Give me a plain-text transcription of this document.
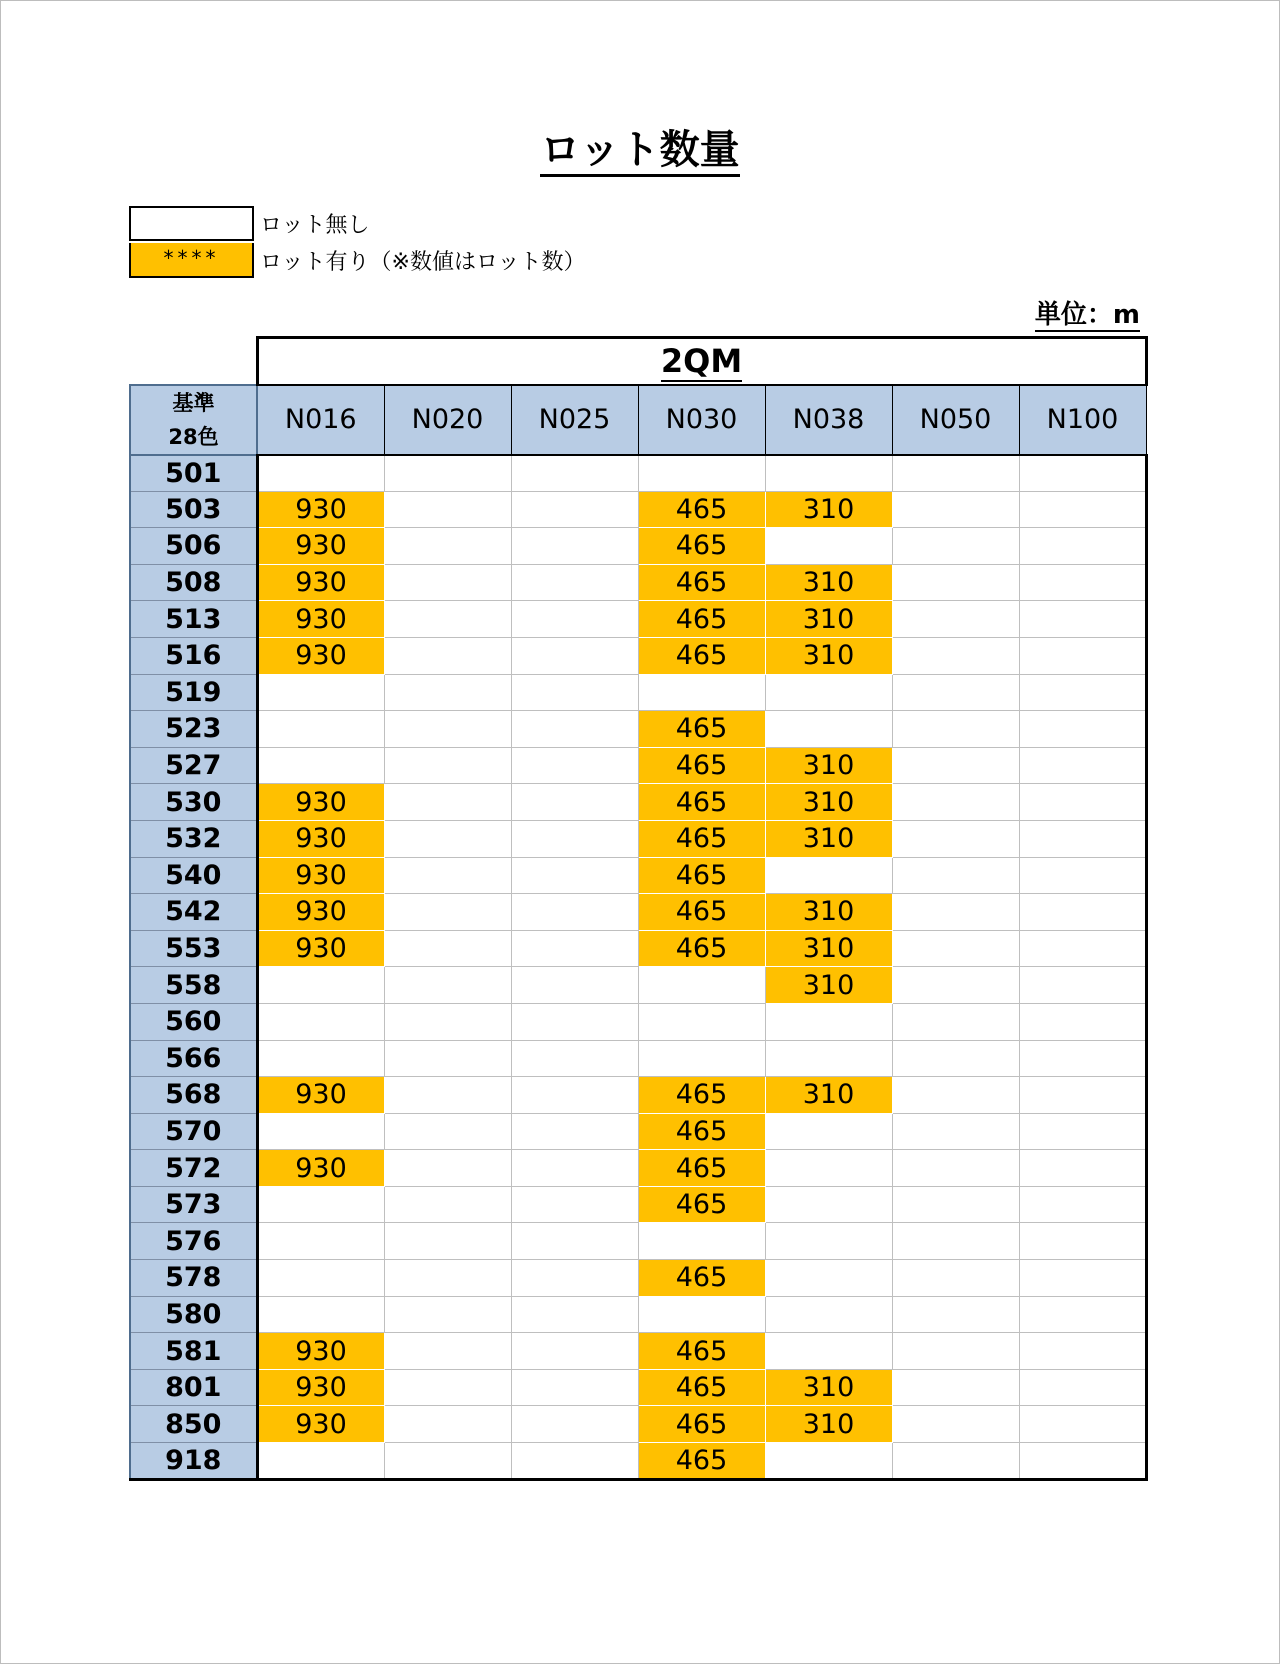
ロット数量
ロット無し
****	ロット有り（※数値はロット数）
単位：m
	2QM						
基準
28色	N016	N020	N025	N030	N038	N050	N100
501							
503	930			465	310		
506	930			465			
508	930			465	310		
513	930			465	310		
516	930			465	310		
519							
523				465			
527				465	310		
530	930			465	310		
532	930			465	310		
540	930			465			
542	930			465	310		
553	930			465	310		
558					310		
560							
566							
568	930			465	310		
570				465			
572	930			465			
573				465			
576							
578				465			
580							
581	930			465			
801	930			465	310		
850	930			465	310		
918				465			
